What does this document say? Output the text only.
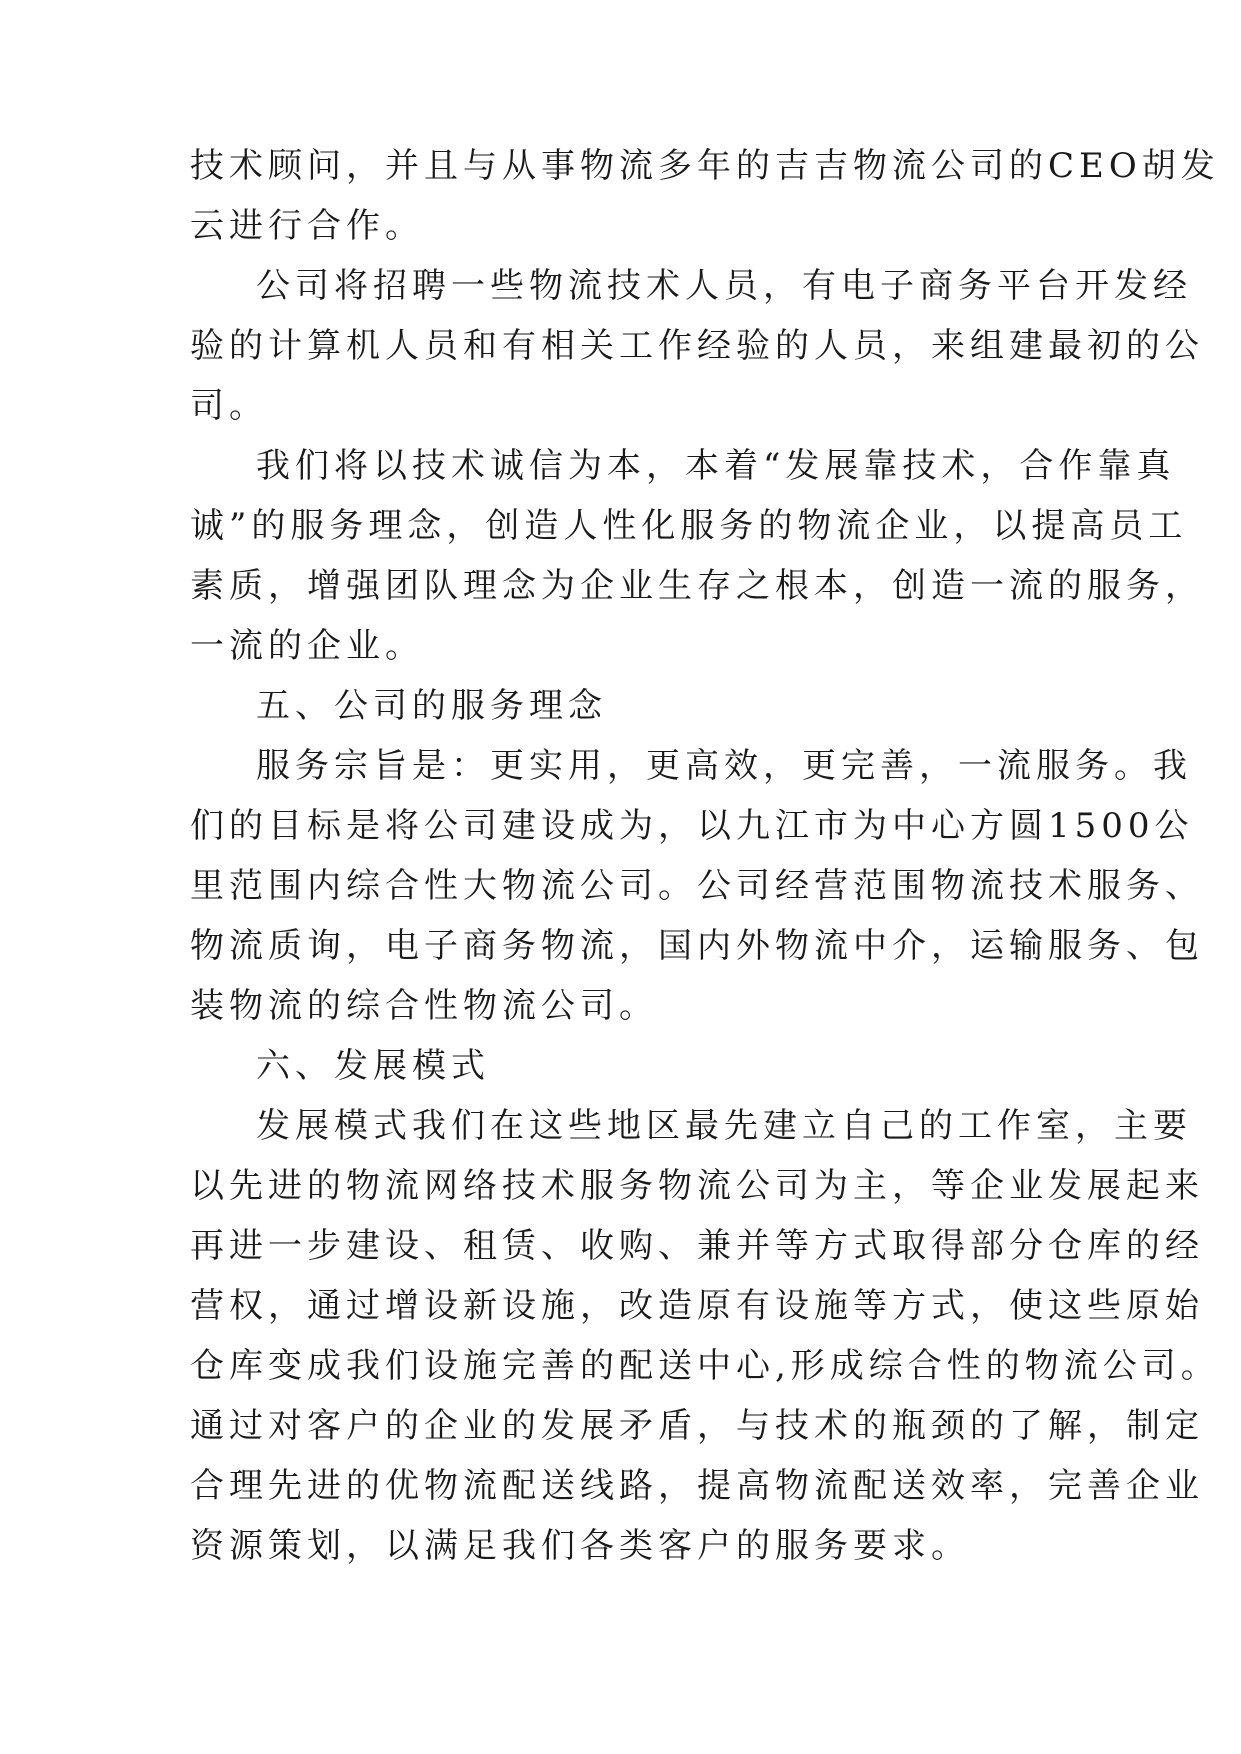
技术顾问，并且与从事物流多年的吉吉物流公司的CEO胡发
云进行合作。
公司将招聘一些物流技术人员，有电子商务平台开发经
验的计算机人员和有相关工作经验的人员，来组建最初的公
司。
我们将以技术诚信为本，本着“发展靠技术，合作靠真
诚”的服务理念，创造人性化服务的物流企业，以提高员工
素质，增强团队理念为企业生存之根本，创造一流的服务，
一流的企业。
五、公司的服务理念
服务宗旨是：更实用，更高效，更完善，一流服务。我
们的目标是将公司建设成为，以九江市为中心方圆1500公
里范围内综合性大物流公司。公司经营范围物流技术服务、
物流质询，电子商务物流，国内外物流中介，运输服务、包
装物流的综合性物流公司。
六、发展模式
发展模式我们在这些地区最先建立自己的工作室，主要
以先进的物流网络技术服务物流公司为主，等企业发展起来
再进一步建设、租赁、收购、兼并等方式取得部分仓库的经
营权，通过增设新设施，改造原有设施等方式，使这些原始
仓库变成我们设施完善的配送中心,形成综合性的物流公司。
通过对客户的企业的发展矛盾，与技术的瓶颈的了解，制定
合理先进的优物流配送线路，提高物流配送效率，完善企业
资源策划，以满足我们各类客户的服务要求。
